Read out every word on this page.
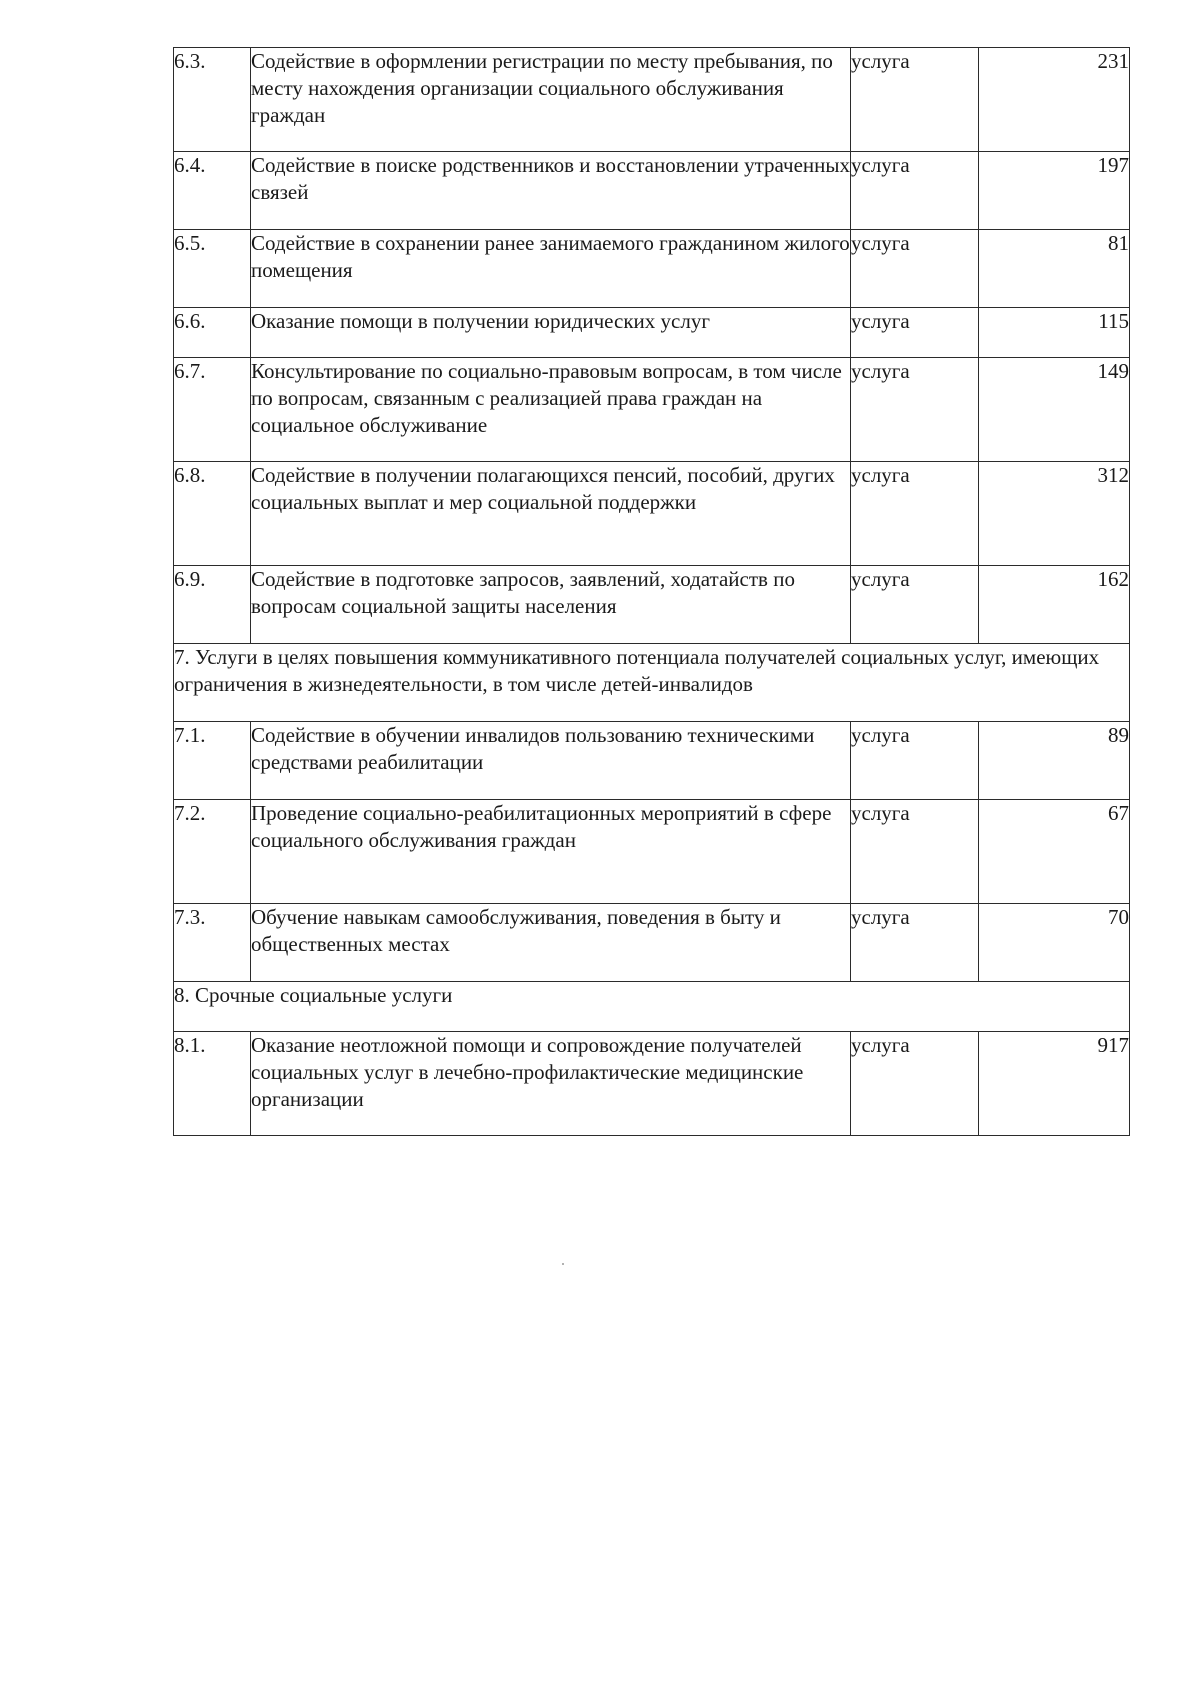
6.3.	Содействие в оформлении регистрации по месту пребывания, по месту нахождения организации социального обслуживания граждан	услуга	231
6.4.	Содействие в поиске родственников и восстановлении утраченных связей	услуга	197
6.5.	Содействие в сохранении ранее занимаемого гражданином жилого помещения	услуга	81
6.6.	Оказание помощи в получении юридических услуг	услуга	115
6.7.	Консультирование по социально-правовым вопросам, в том числе по вопросам, связанным с реализацией права граждан на социальное обслуживание	услуга	149
6.8.	Содействие в получении полагающихся пенсий, пособий, других социальных выплат и мер социальной поддержки	услуга	312
6.9.	Содействие в подготовке запросов, заявлений, ходатайств по вопросам социальной защиты населения	услуга	162
7. Услуги в целях повышения коммуникативного потенциала получателей социальных услуг, имеющих ограничения в жизнедеятельности, в том числе детей-инвалидов			
7.1.	Содействие в обучении инвалидов пользованию техническими средствами реабилитации	услуга	89
7.2.	Проведение социально-реабилитационных мероприятий в сфере социального обслуживания граждан	услуга	67
7.3.	Обучение навыкам самообслуживания, поведения в быту и общественных местах	услуга	70
8. Срочные социальные услуги			
8.1.	Оказание неотложной помощи и сопровождение получателей социальных услуг в лечебно-профилактические медицинские организации	услуга	917
